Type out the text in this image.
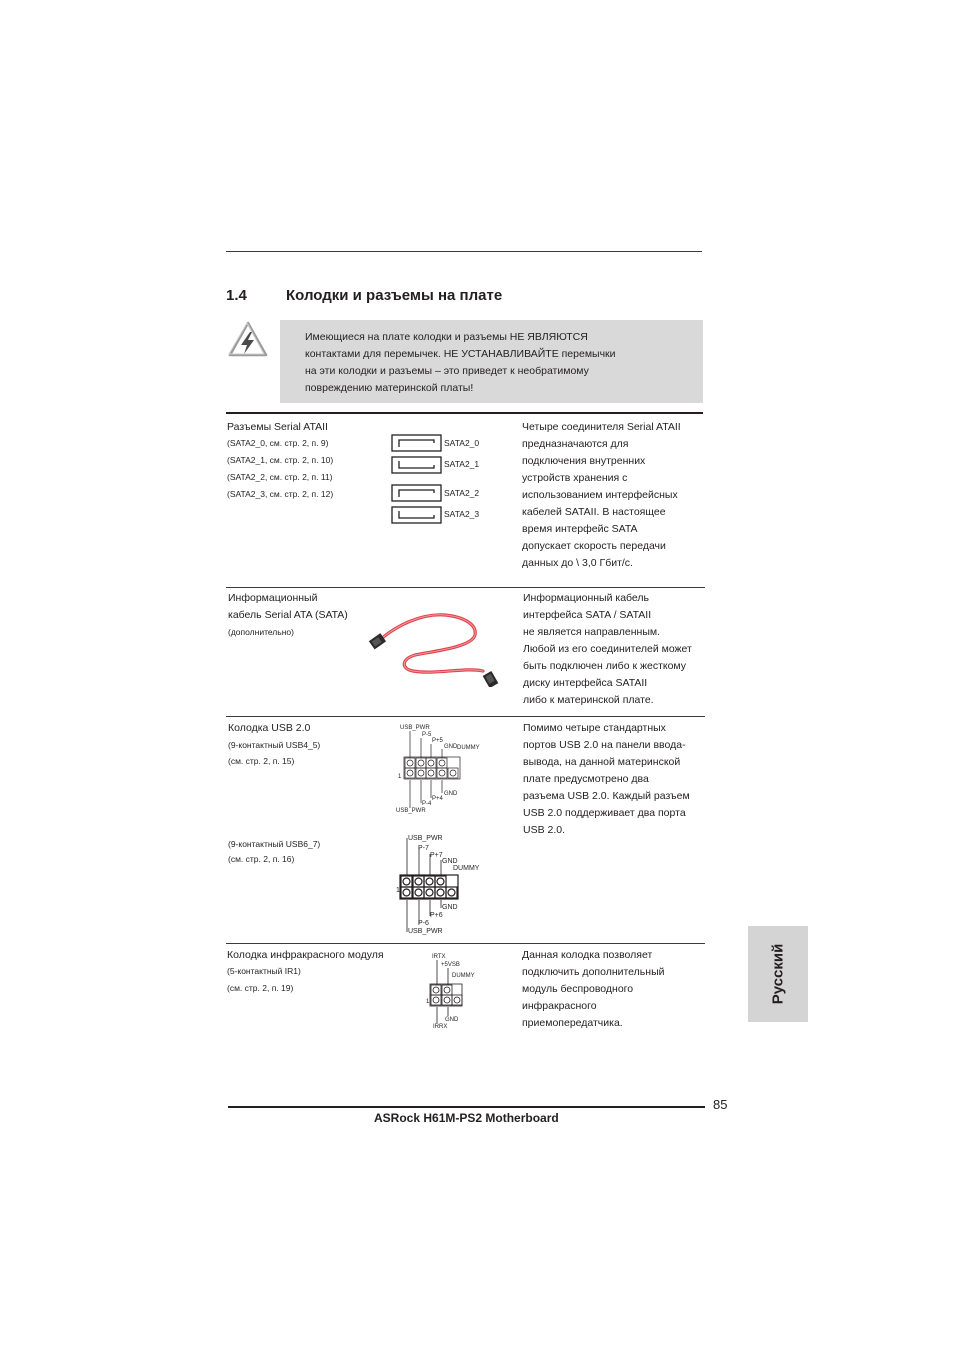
1.4	Колодки и разъемы на плате
Имеющиеся на плате колодки и разъемы НЕ ЯВЛЯЮТСЯ
контактами для перемычек. НЕ УСТАНАВЛИВАЙТЕ перемычки
на эти колодки и разъемы – это приведет к необратимому
повреждению материнской платы!
Разъемы Serial ATAII
(SATA2_0, см. стр. 2, п. 9)
(SATA2_1, см. стр. 2, п. 10)
(SATA2_2, см. стр. 2, п. 11)
(SATA2_3, см. стр. 2, п. 12)
SATA2_0
SATA2_1
SATA2_2
SATA2_3
Четыре соединителя Serial ATAII
предназначаются для
подключения внутренних
устройств хранения с
использованием интерфейсных
кабелей SATAII. В настоящее
время интерфейс SATA
допускает скорость передачи
данных до \ 3,0 Гбит/с.
Информационный
кабель Serial ATA (SATA)
(дополнительно)
Информационный кабель
интерфейса SATA / SATAII
не является направленным.
Любой из его соединителей может
быть подключен либо к жесткому
диску интерфейса SATAII
либо к материнской плате.
Колодка USB 2.0
(9-контактный USB4_5)
(см. стр. 2, п. 15)
USB_PWR
P-5
P+5
GND DUMMY
1
GND
P+4
P-4
USB_PWR
Помимо четыре стандартных
портов USB 2.0 на панели ввода-
вывода, на данной материнской
плате предусмотрено два
разъема USB 2.0. Каждый разъем
USB 2.0 поддерживает два порта
USB 2.0.
(9-контактный USB6_7)
(см. стр. 2, п. 16)
USB_PWR
P-7
P+7
GND
DUMMY
1
GND
P+6
P-6
USB_PWR
Колодка инфракрасного модуля
(5-контактный IR1)
(см. стр. 2, п. 19)
IRTX
+5VSB
DUMMY
1
GND
IRRX
Данная колодка позволяет
подключить дополнительный
модуль беспроводного
инфракрасного
приемопередатчика.
Русский
85
ASRock H61M-PS2 Motherboard
